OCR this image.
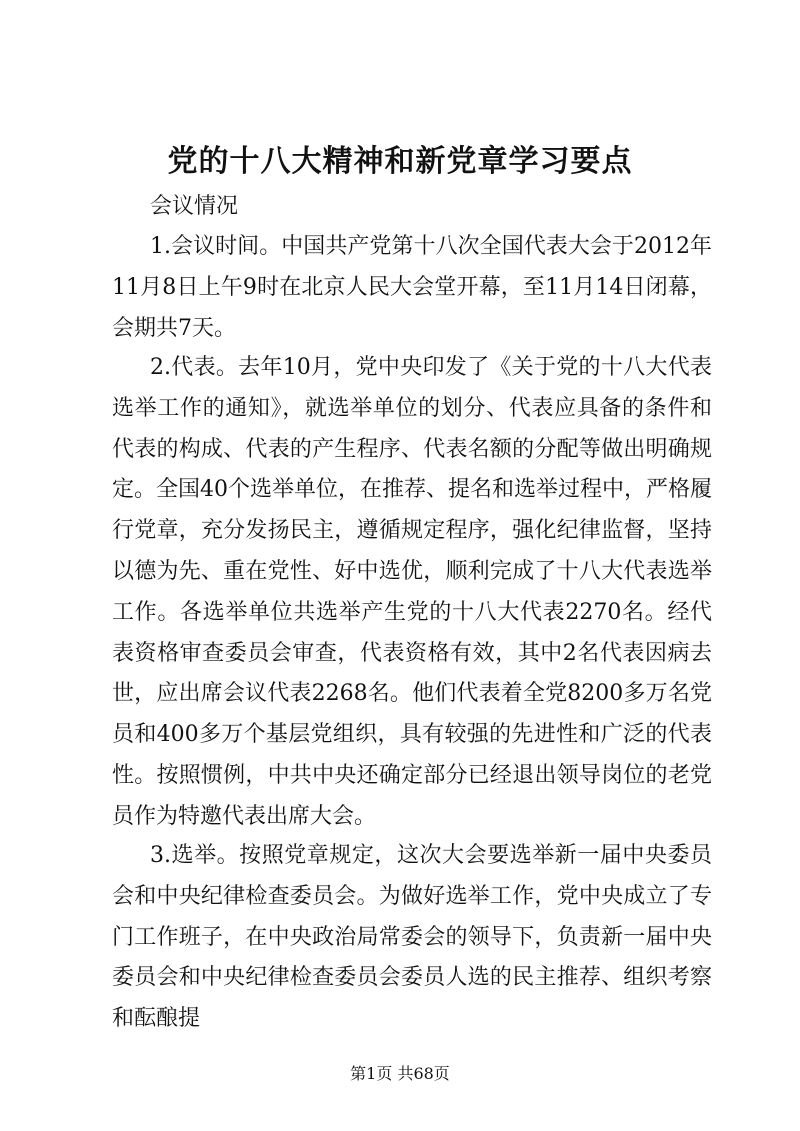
党的十八大精神和新党章学习要点
会议情况

1.会议时间。中国共产党第十八次全国代表大会于2012年11月8日上午9时在北京人民大会堂开幕，至11月14日闭幕，会期共7天。

2.代表。去年10月，党中央印发了《关于党的十八大代表选举工作的通知》，就选举单位的划分、代表应具备的条件和代表的构成、代表的产生程序、代表名额的分配等做出明确规定。全国40个选举单位，在推荐、提名和选举过程中，严格履行党章，充分发扬民主，遵循规定程序，强化纪律监督，坚持以德为先、重在党性、好中选优，顺利完成了十八大代表选举工作。各选举单位共选举产生党的十八大代表2270名。经代表资格审查委员会审查，代表资格有效，其中2名代表因病去世，应出席会议代表2268名。他们代表着全党8200多万名党员和400多万个基层党组织，具有较强的先进性和广泛的代表性。按照惯例，中共中央还确定部分已经退出领导岗位的老党员作为特邀代表出席大会。

3.选举。按照党章规定，这次大会要选举新一届中央委员会和中央纪律检查委员会。为做好选举工作，党中央成立了专门工作班子，在中央政治局常委会的领导下，负责新一届中央委员会和中央纪律检查委员会委员人选的民主推荐、组织考察和酝酿提

第1页 共68页
